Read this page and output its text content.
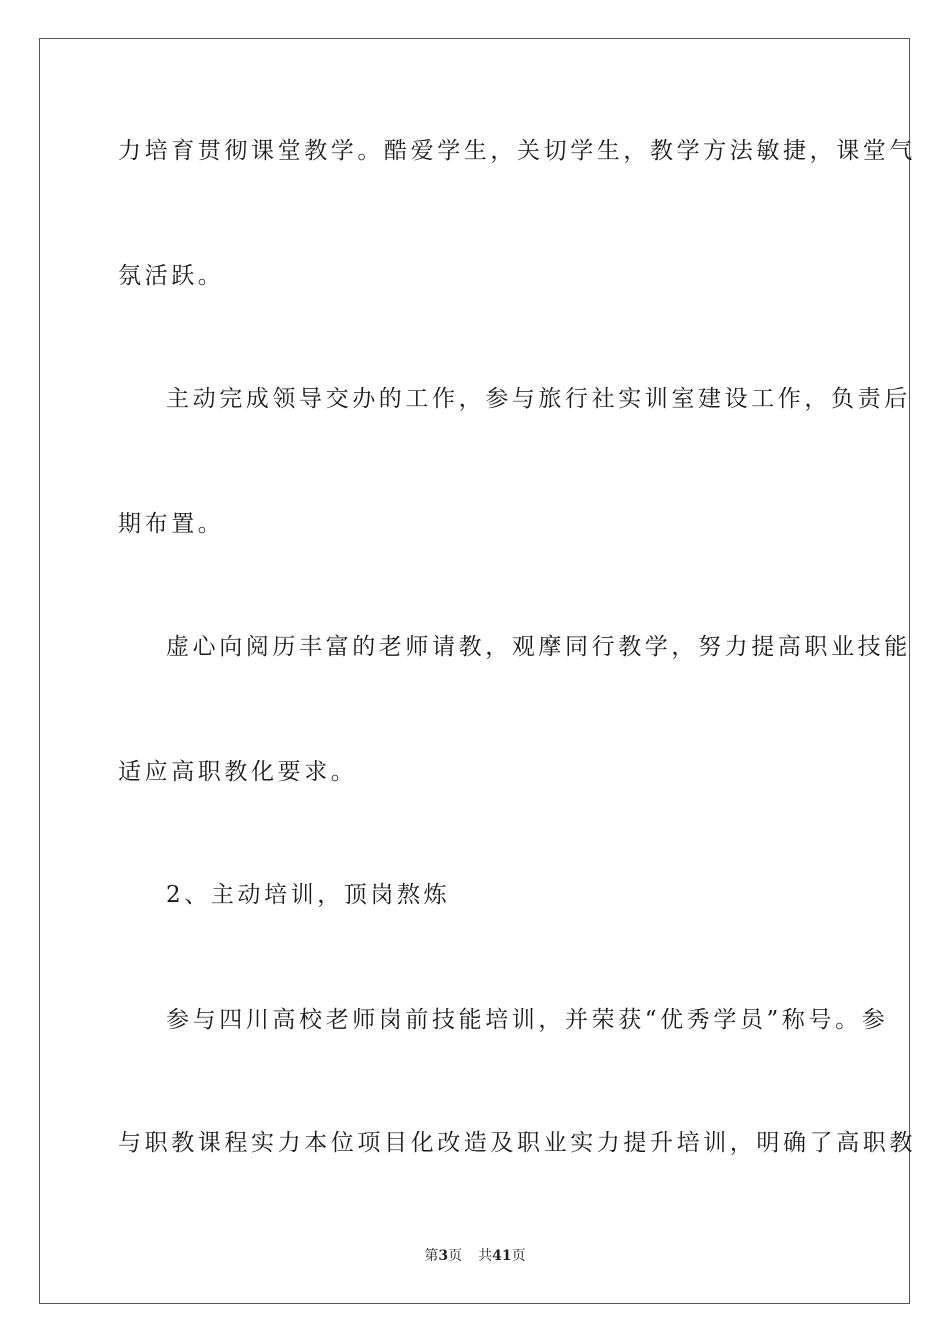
力培育贯彻课堂教学。酷爱学生，关切学生，教学方法敏捷，课堂气
氛活跃。
主动完成领导交办的工作，参与旅行社实训室建设工作，负责后
期布置。
虚心向阅历丰富的老师请教，观摩同行教学，努力提高职业技能
适应高职教化要求。
2、主动培训，顶岗熬炼
参与四川高校老师岗前技能培训，并荣获“优秀学员”称号。参
与职教课程实力本位项目化改造及职业实力提升培训，明确了高职教
第3页 共41页
